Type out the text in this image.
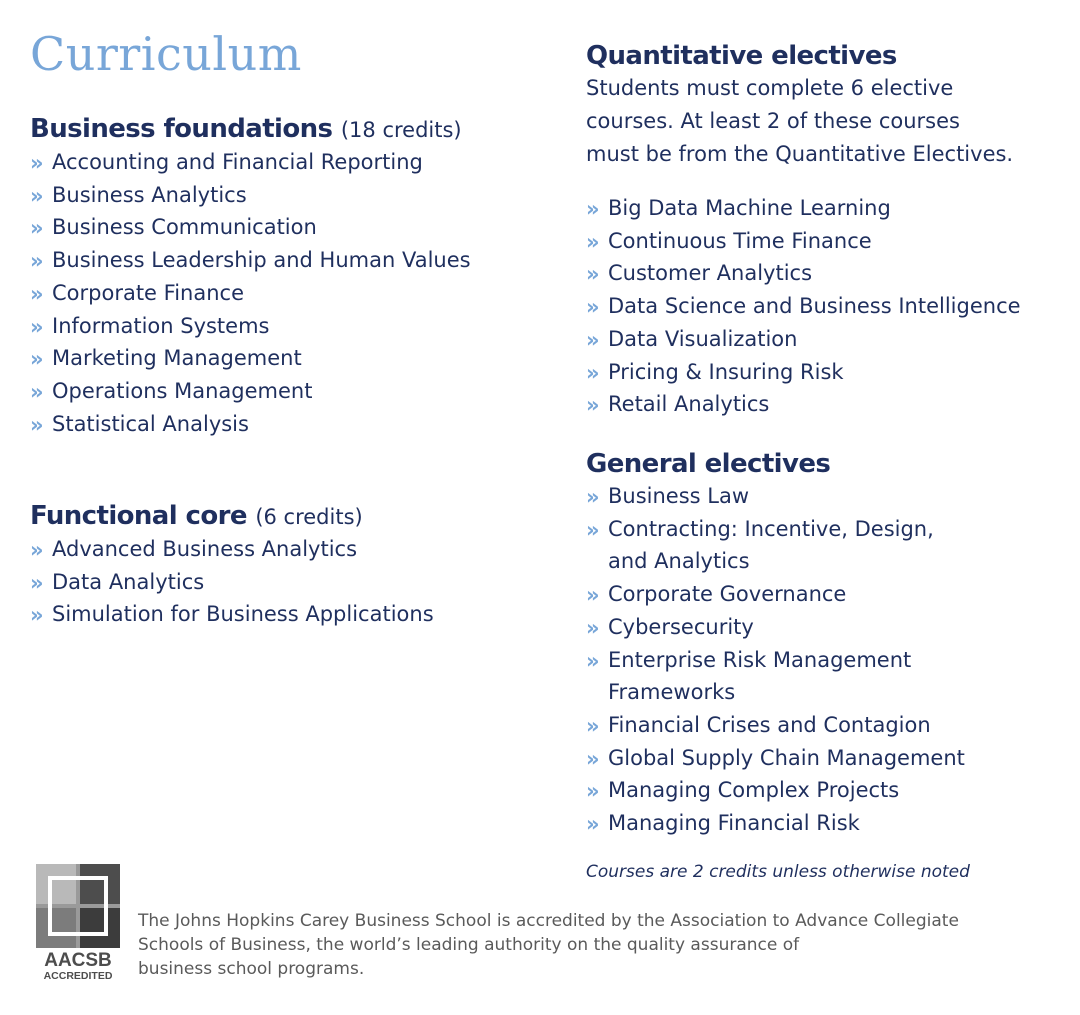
Curriculum
Business foundations (18 credits)
» Accounting and Financial Reporting
» Business Analytics
» Business Communication
» Business Leadership and Human Values
» Corporate Finance
» Information Systems
» Marketing Management
» Operations Management
» Statistical Analysis
Functional core (6 credits)
» Advanced Business Analytics
» Data Analytics
» Simulation for Business Applications
Quantitative electives

Students must complete 6 elective
courses. At least 2 of these courses
must be from the Quantitative Electives.

» Big Data Machine Learning
» Continuous Time Finance
» Customer Analytics
» Data Science and Business Intelligence
» Data Visualization
» Pricing & Insuring Risk
» Retail Analytics
General electives
» Business Law
» Contracting: Incentive, Design,
and Analytics
» Corporate Governance
» Cybersecurity
» Enterprise Risk Management
Frameworks
» Financial Crises and Contagion
» Global Supply Chain Management
» Managing Complex Projects
» Managing Financial Risk

Courses are 2 credits unless otherwise noted

AACSB
ACCREDITED

The Johns Hopkins Carey Business School is accredited by the Association to Advance Collegiate
Schools of Business, the world’s leading authority on the quality assurance of
business school programs.
